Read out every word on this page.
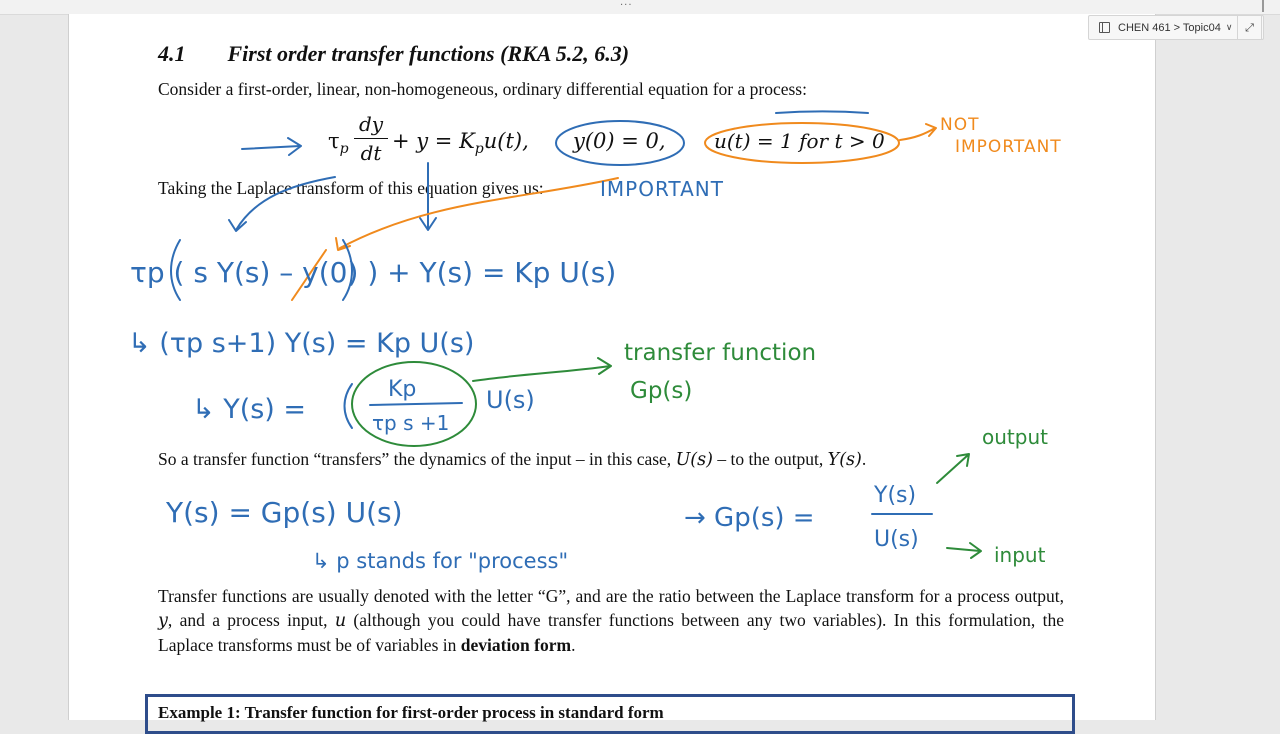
...
CHEN 461 > Topic04 ∨	⤢
4.1 First order transfer functions (RKA 5.2, 6.3)
Consider a first-order, linear, non-homogeneous, ordinary differential equation for a process:
$\tau_p$
dy
dt
+ $y = K_pu(t)$, y(0) = 0, u(t) = 1 for t > 0
Taking the Laplace transform of this equation gives us:
So a transfer function “transfers” the dynamics of the input – in this case, U(s) – to the output, Y(s).
Transfer functions are usually denoted with the letter “G”, and are the ratio between the Laplace transform for a process output, y, and a process input, u (although you could have transfer functions between any two variables). In this formulation, the Laplace transforms must be of variables in deviation form.
Example 1: Transfer function for first-order process in standard form
IMPORTANT
τp ( s Y(s) – y(0) ) + Y(s) = Kp U(s)
↳ (τp s+1) Y(s) = Kp U(s)
↳ Y(s) =
Kp
τp s +1
U(s)
Y(s) = Gp(s) U(s)
↳ p stands for "process"
→ Gp(s) =
Y(s)
U(s)
NOT
IMPORTANT
transfer function
Gp(s)
output
input
